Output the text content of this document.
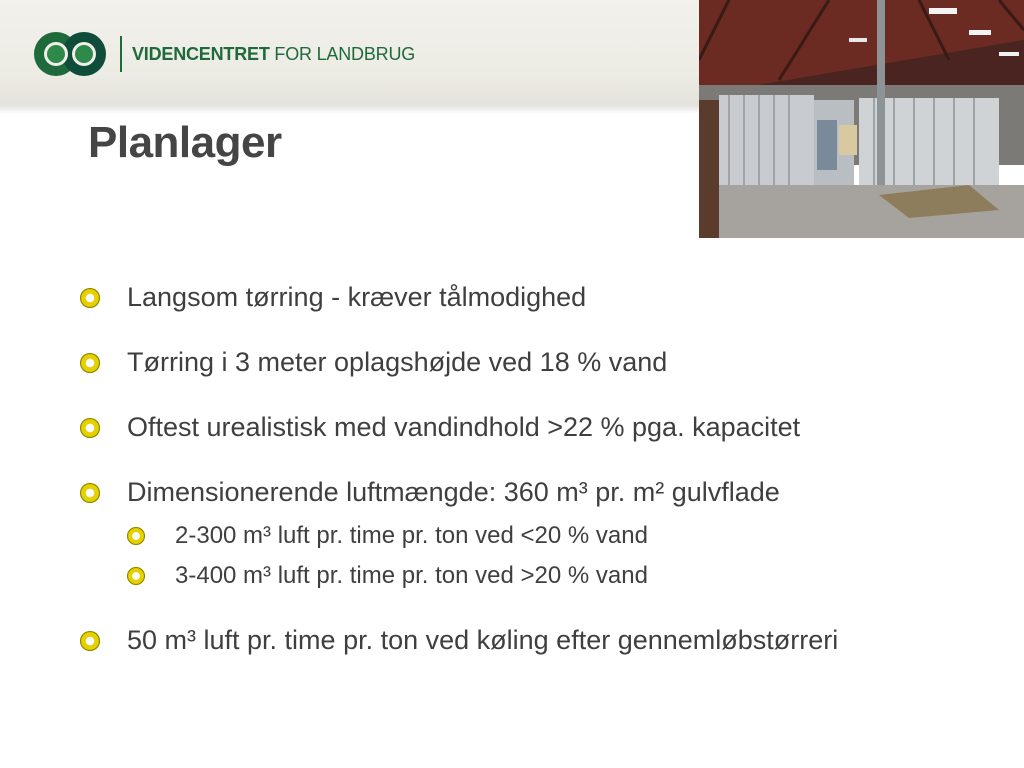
VIDENCENTRET FOR LANDBRUG
Planlager
Langsom tørring - kræver tålmodighed
Tørring i 3 meter oplagshøjde ved 18 % vand
Oftest urealistisk med vandindhold >22 % pga. kapacitet
Dimensionerende luftmængde: 360 m³ pr. m² gulvflade
2-300 m³ luft pr. time pr. ton ved <20 % vand
3-400 m³ luft pr. time pr. ton ved >20 % vand
50 m³ luft pr. time pr. ton ved køling efter gennemløbstørreri
